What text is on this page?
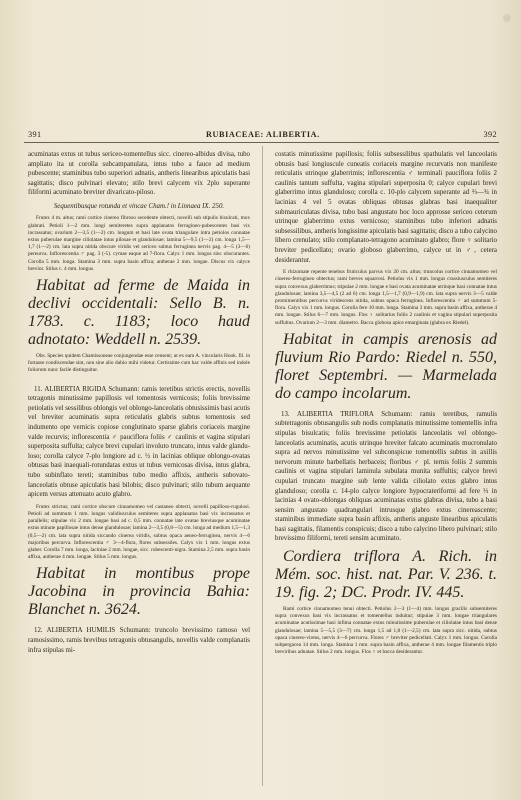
391	RUBIACEAE: ALIBERTIA.	392

acuminatas extus ut tubus sericeo-tomentellus sicc. cinereo-albidus divisa, tubo ampliato ita ut corolla subcampanulata, intus tubo a fauce ad medium pubescente; staminibus tubo superiori adnatis, antheris linearibus apiculatis basi sagittatis; disco pulvinari elevato; stilo brevi calycem vix 2plo superante filiformi acuminato breviter divaricato-piloso.

Sequentibusque rotunda et vincae Cham.! in Linnaea IX. 250.

Frutex 4 m. altus; rami cortice cinereo fibroso secedente obtecti, novelli sub stipulis bisulcati, mox glabrati. Petioli 1—2 mm. longi semiteretes supra applanatos ferrugineo-pubescentes basi vix incrassatus; ovarium 2—3,5 (1—2) cm. longum et basi late ovata triangulare intra petiolos connatae extus puberulae margine ciliolatae intus pilosae et glandulosae; lamina 5—9,5 (1—2) cm. longa 1,5—1,7 (1—2) cm. lata supra nitida obscure viridis vel sericeo subtus ferruginea nervis pag. 4—5 (3—6) pereurva. Inflorescentia ♂ pag. 3 (-5). cymae eaque ad 7-flora. Calyx 1 mm. longus sinc obscurantes. Corolla 5 mm. longa. Stamina 3 mm. supra basin affixa; antherae 2 mm. longae. Discus vix calyce brevior. Stilus c. 4 mm. longus.

Habitat ad ferme de Maida in declivi occidentali: Sello B. n. 1783. c. 1183; loco haud adnotato: Weddell n. 2539.

Obs. Species quidem Chamissoneae conjungendae esse censent; ut ex eam A. vincularis Hook. fil. in fortasse condiscendae sint, non sine alio dubio mihi videtur. Certissime cum hac valde affinis sed indole foliorum nunc facile distinguitur.

11. ALIBERTIA RIGIDA Schumann: ramis teretibus strictis erectis, novellis tetragonis minutissime papillosis vel tomentosis vernicosis; foliis brevissime petiolatis vel sessilibus oblongis vel oblongo-lanceolatis obtusissimis basi acutis vel breviter acuminatis supra reticulatis glabris subtus tomentosis sed indumento ope vernicis copiose conglutinato sparse glabris coriaceis margine valde recurvis; inflorescentia ♂ pauciflora foliis ♂ caulinis et vagina stipulari superposita suffulta; calyce brevi cupulari involuto truncato, intus valde glandu-loso; corolla calyce 7-plo longiore ad c. ½ in lacinias oblique oblongo-ovatas obtusas basi inaequali-rotundatas extus ut tubus vernicosas divisa, intus glabra, tubo subinflato tereti; staminibus tubo medio affixis, antheris subovato-lanceolatis obtuse apiculatis basi bilobis; disco pulvinari; stilo tubum aequante apicem versus attenuato acuto glabro.

Frutex strictus; rami cortice obscure cinnamomeo vel castaneo obtecti, novelli papilloso-rugulosi. Petioli ad summum 1 mm. longus validiusculus semiteres supra applanatus basi vix incrassatus et parallelis; stipulae vix 2 mm. longae basi ad c. 0,5 mm. connatae late ovatae breviusque acuminatae extus minute papillosae intus dense glandulosae; lamina 2—3,5 (0,8—5) cm. longa ad medium 1,5—1,3 (0,5—2) cm. lata supra nitida siccando cinerea viridis, subtus opaca aeneo-ferruginea, nervis 4—6 majoribus percurva. Inflorescentia ♂ 3—4-flora, flores subsessiles. Calyx vix 1 mm. longus extus glaber. Corolla 7 mm. longa, laciniae 2 mm. longae, sicc. rubescenti-nigra. Stamina 2,5 mm. supra basin affixa, antherae 4 mm. longae. Stilus 5 mm. longus.

Habitat in montibus prope Jacobina in provincia Bahia: Blanchet n. 3624.

12. ALIBERTIA HUMILIS Schumann: truncolo brevissimo ramoso vel ramosissimo, ramis brevibus tetragonis obtusangulis, novellis valde complanatis infra stipulas mi-

costatis minutissime papillosis; foliis subsessilibus spathulatis vel lanceolatis obtusis basi longiuscule cuneatis coriaceis margine recurvatis non manifeste reticulatis utrinque glaberrimis; inflorescentia ♂ terminali pauciflora foliis 2 caulinis tantum suffulta, vagina stipulari superposita 0; calyce cupulari brevi glaberrimo intus glanduloso; corolla c. 10-plo calycem superante ad ⅔—¾ in lacinias 4 vel 5 ovatas obliquas obtusas glabras basi inaequaliter submauriculatas divisa, tubo basi angustato hoc loco approsse sericeo ceterum utrinque glaberrimo extus vernicoso; staminibus tubo inferiori adnatis subsessilibus, antheris longissime apiculatis basi sagittatis; disco a tubo calycino libero crenulato; stilo complanato-tetragono acuminato glabro; flore ♀ solitario breviter pedicellato; ovario globoso glaberrimo, calyce ut in ♂, cetera desiderantur.

E rhizomate repente tenebus fruticulus parvus vix 20 cm. altus; truncolus cortice cinnamomeo vel cinereo-ferrugineo obtectus; rami breves squarrosi. Petiolus vix 1 mm. longus crassiusculus semiteres supra convexus glaberrimus; stipulae 2 mm. longae e basi ovata acuminatae utrinque basi connatae intus glandulosae; lamina 3,5—4,5 (2 ad 6) cm. longa 1,5—1,7 (0,9—1,9) cm. lata supra nervis 3—5 valde promimentibus percurva viridescens nitida, subtus opaca ferruginea. Inflorescentia ♂ ad summum 5-flora. Calyx vix 1 mm. longus. Corolla fere 10 mm. longa. Stamina 3 mm. supra basin affixa, antherae 4 mm. longae. Stilus 6—7 mm. longus. Flos ♀ solitarius foliis 2 caulinis et vagina stipulari superposita suffultus. Ovarium 2—3 mm. diametro. Bacca globosa apice emarginata (glabra ex Riedel).

Habitat in campis arenosis ad fluvium Rio Pardo: Riedel n. 550, floret Septembri. — Marmelada do campo incolarum.

13. ALIBERTIA TRIFLORA Schumann: ramis teretibus, ramulis subtetragonis obtusangulis sub nodis complanatis minutissime tomentellis infra stipulas bisulcatis; foliis brevissime petiolatis lanceolatis vel oblongo-lanceolatis acuminatis, acutis utrinque breviter falcato acuminatis mucronulato supra ad nervos minutissime vel subconspicue tomentellis subtus in axillis nervorum minute barbellatis herbaceis; floribus ♂ pl. ternis foliis 2 summis caulinis et vagina stipulari laminula subulata munita suffultis; calyce brevi cupulari truncato margine sub lente valida ciliolato extus glabro intus glanduloso; corolla c. 14-plo calyce longiore hypocrateriformi ad fere ⅓ in lacinias 4 ovato-oblongas obliquas acuminatas extus glabras divisa, tubo a basi sensim angustato quadrangulari intrusque glabro extus cinereascente; staminibus immediate supra basin affixis, antheris anguste linearibus apiculatis basi sagittatis, filamentis conspicuis; disco a tubo calycino libero pulvinari; stilo brevissimo filiformi, tereti sensim acuminato.

Cordiera triflora A. Rich. in Mém. soc. hist. nat. Par. V. 236. t. 19. fig. 2; DC. Prodr. IV. 445.

Rami cortice cinnamomeo tenui obtecti. Petiolus 2—3 (1—4) mm. longus gracilis subsemiteres supra convexus basi vix incrassatus et tomentellus induitur; stipulae 3 mm. longae triangulares acuminatae acutissimae basi infima connatae extus minutissime puberulae et ciliolatae intus basi dense glandulosae; lamina 5—5,5 (3—7) cm. longa 1,5 ad 1,8 (1—2,5) cm. lata supra sicc. nitida, subtus opaca cinereo-virens, nervis 4—6 percurva. Flores ♂ breviter pedicellati. Calyx 1 mm. longus. Corolla subpergacea 14 mm. longa. Stamina 1 mm. supra basin affixa, antherae 4 mm. longae filamentis triplo breviribus adnatae. Stilus 2 mm. longus. Flos ♀ et bacca desiderantur.
